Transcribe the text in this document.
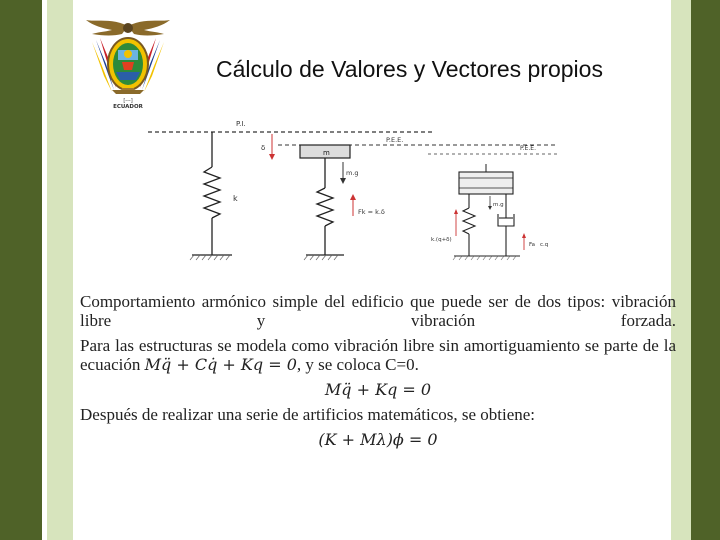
[---]
ECUADOR
Cálculo de Valores y Vectores propios
P.I.
k
δ
P.E.E.
m
m.g
Fk = k.δ
P.E.E.
m.g
k.(q+δ)
Fa c.q

Comportamiento armónico simple del edificio que puede ser de dos tipos: vibración libre y vibración forzada.

Para las estructuras se modela como vibración libre sin amortiguamiento se parte de la ecuación Mq̈ + Cq̇ + Kq = 0, y se coloca C=0.

Mq̈ + Kq = 0

Después de realizar una serie de artificios matemáticos, se obtiene:

(K + Mλ)ϕ = 0
